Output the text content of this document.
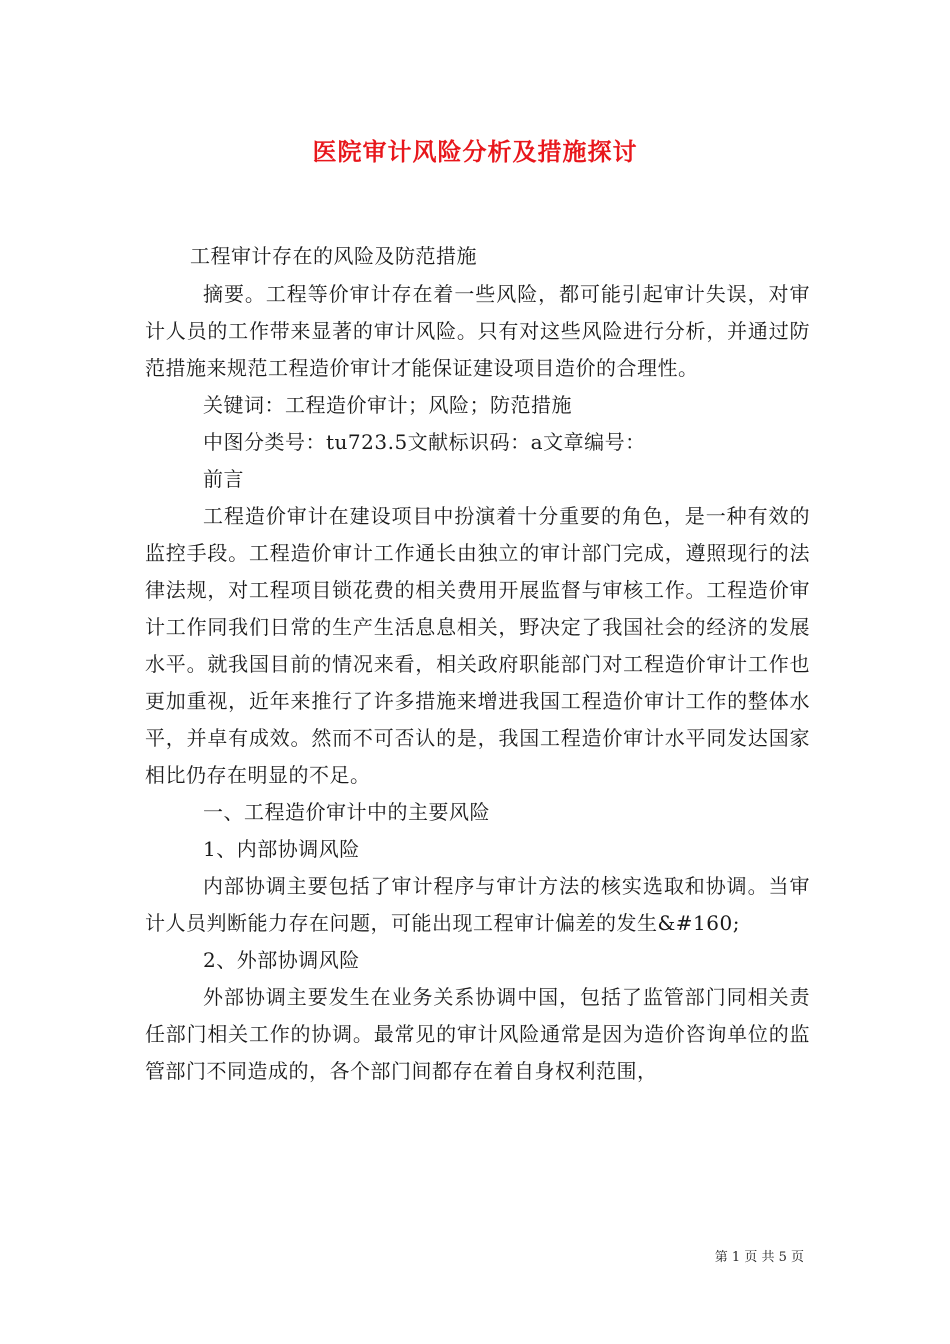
医院审计风险分析及措施探讨
工程审计存在的风险及防范措施

摘要。工程等价审计存在着一些风险，都可能引起审计失误，对审计人员的工作带来显著的审计风险。只有对这些风险进行分析，并通过防范措施来规范工程造价审计才能保证建设项目造价的合理性。

关键词：工程造价审计；风险；防范措施

中图分类号：tu723.5文献标识码：a文章编号：

前言

工程造价审计在建设项目中扮演着十分重要的角色，是一种有效的监控手段。工程造价审计工作通长由独立的审计部门完成，遵照现行的法律法规，对工程项目锁花费的相关费用开展监督与审核工作。工程造价审计工作同我们日常的生产生活息息相关，野决定了我国社会的经济的发展水平。就我国目前的情况来看，相关政府职能部门对工程造价审计工作也更加重视，近年来推行了许多措施来增进我国工程造价审计工作的整体水平，并卓有成效。然而不可否认的是，我国工程造价审计水平同发达国家相比仍存在明显的不足。

一、工程造价审计中的主要风险

1、内部协调风险

内部协调主要包括了审计程序与审计方法的核实选取和协调。当审计人员判断能力存在问题，可能出现工程审计偏差的发生&#160;

2、外部协调风险

外部协调主要发生在业务关系协调中国，包括了监管部门同相关责任部门相关工作的协调。最常见的审计风险通常是因为造价咨询单位的监管部门不同造成的，各个部门间都存在着自身权利范围，

第 1 页 共 5 页
